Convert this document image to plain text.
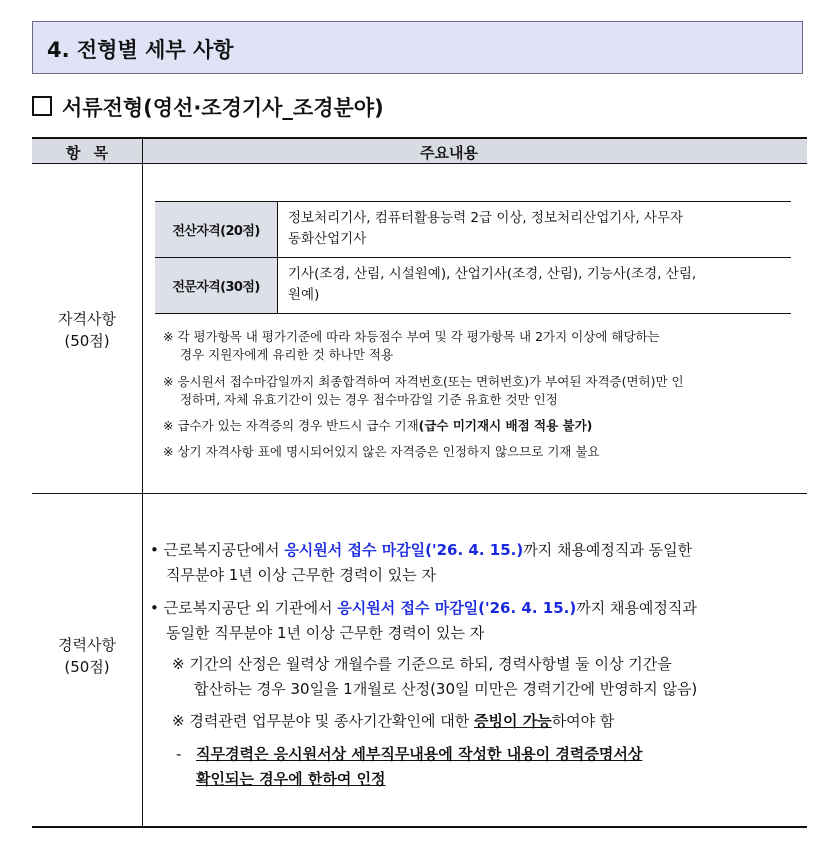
4. 전형별 세부 사항
서류전형(영선·조경기사_조경분야)
항 목	주요내용
자격사항
(50점)
전산자격(20점)
전문자격(30점)
정보처리기사, 컴퓨터활용능력 2급 이상, 정보처리산업기사, 사무자
동화산업기사
기사(조경, 산림, 시설원예), 산업기사(조경, 산림), 기능사(조경, 산림,
원예)
※ 각 평가항목 내 평가기준에 따라 차등점수 부여 및 각 평가항목 내 2가지 이상에 해당하는
경우 지원자에게 유리한 것 하나만 적용
※ 응시원서 접수마감일까지 최종합격하여 자격번호(또는 면허번호)가 부여된 자격증(면허)만 인
정하며, 자체 유효기간이 있는 경우 접수마감일 기준 유효한 것만 인정
※ 급수가 있는 자격증의 경우 반드시 급수 기재(급수 미기재시 배점 적용 불가)
※ 상기 자격사항 표에 명시되어있지 않은 자격증은 인정하지 않으므로 기재 불요
경력사항
(50점)
• 근로복지공단에서 응시원서 접수 마감일('26. 4. 15.)까지 채용예정직과 동일한
직무분야 1년 이상 근무한 경력이 있는 자
• 근로복지공단 외 기관에서 응시원서 접수 마감일('26. 4. 15.)까지 채용예정직과
동일한 직무분야 1년 이상 근무한 경력이 있는 자
※ 기간의 산정은 월력상 개월수를 기준으로 하되, 경력사항별 둘 이상 기간을
합산하는 경우 30일을 1개월로 산정(30일 미만은 경력기간에 반영하지 않음)
※ 경력관련 업무분야 및 종사기간확인에 대한 증빙이 가능하여야 함
- 직무경력은 응시원서상 세부직무내용에 작성한 내용이 경력증명서상
확인되는 경우에 한하여 인정
